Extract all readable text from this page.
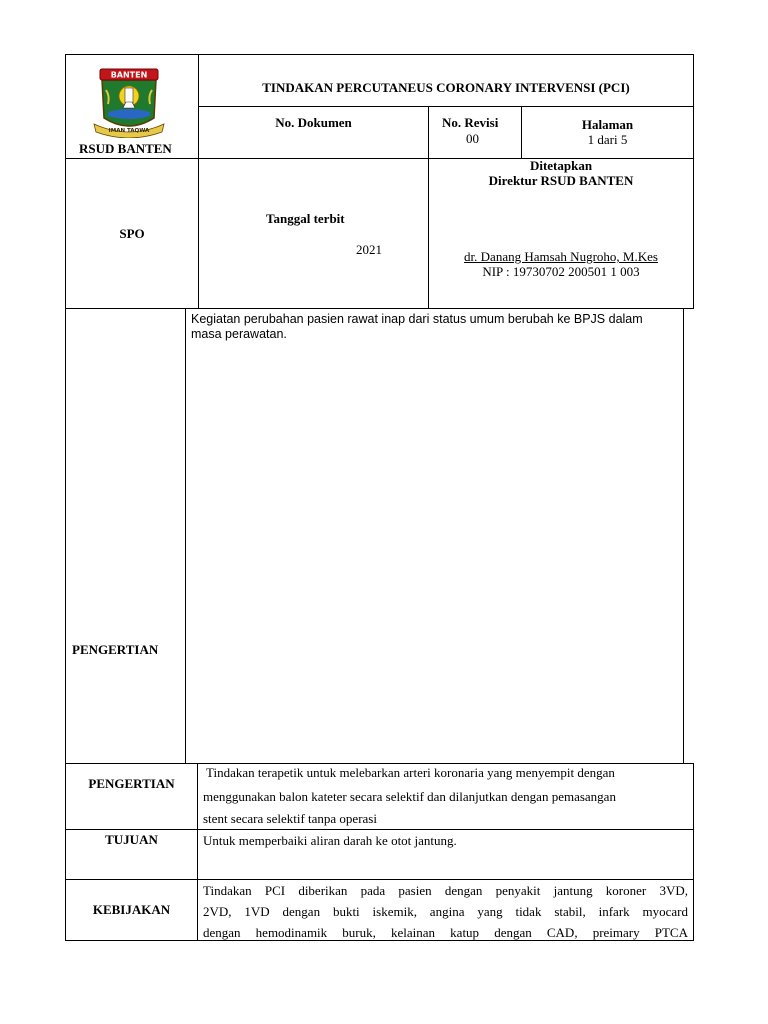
BANTEN
IMAN TAQWA
RSUD BANTEN
TINDAKAN PERCUTANEUS CORONARY INTERVENSI (PCI)
No. Dokumen	No. Revisi
00
Halaman
1 dari 5
SPO
Tanggal terbit
2021
Ditetapkan
Direktur RSUD BANTEN
dr. Danang Hamsah Nugroho, M.Kes
NIP : 19730702 200501 1 003
PENGERTIAN
Kegiatan perubahan pasien rawat inap dari status umum berubah ke BPJS dalam
masa perawatan.
PENGERTIAN
Tindakan terapetik untuk melebarkan arteri koronaria yang menyempit dengan
menggunakan balon kateter secara selektif dan dilanjutkan dengan pemasangan
stent secara selektif tanpa operasi
TUJUAN	Untuk memperbaiki aliran darah ke otot jantung.
KEBIJAKAN
Tindakan PCI diberikan pada pasien dengan penyakit jantung koroner 3VD,
2VD, 1VD dengan bukti iskemik, angina yang tidak stabil, infark myocard
dengan hemodinamik buruk, kelainan katup dengan CAD, preimary PTCA
